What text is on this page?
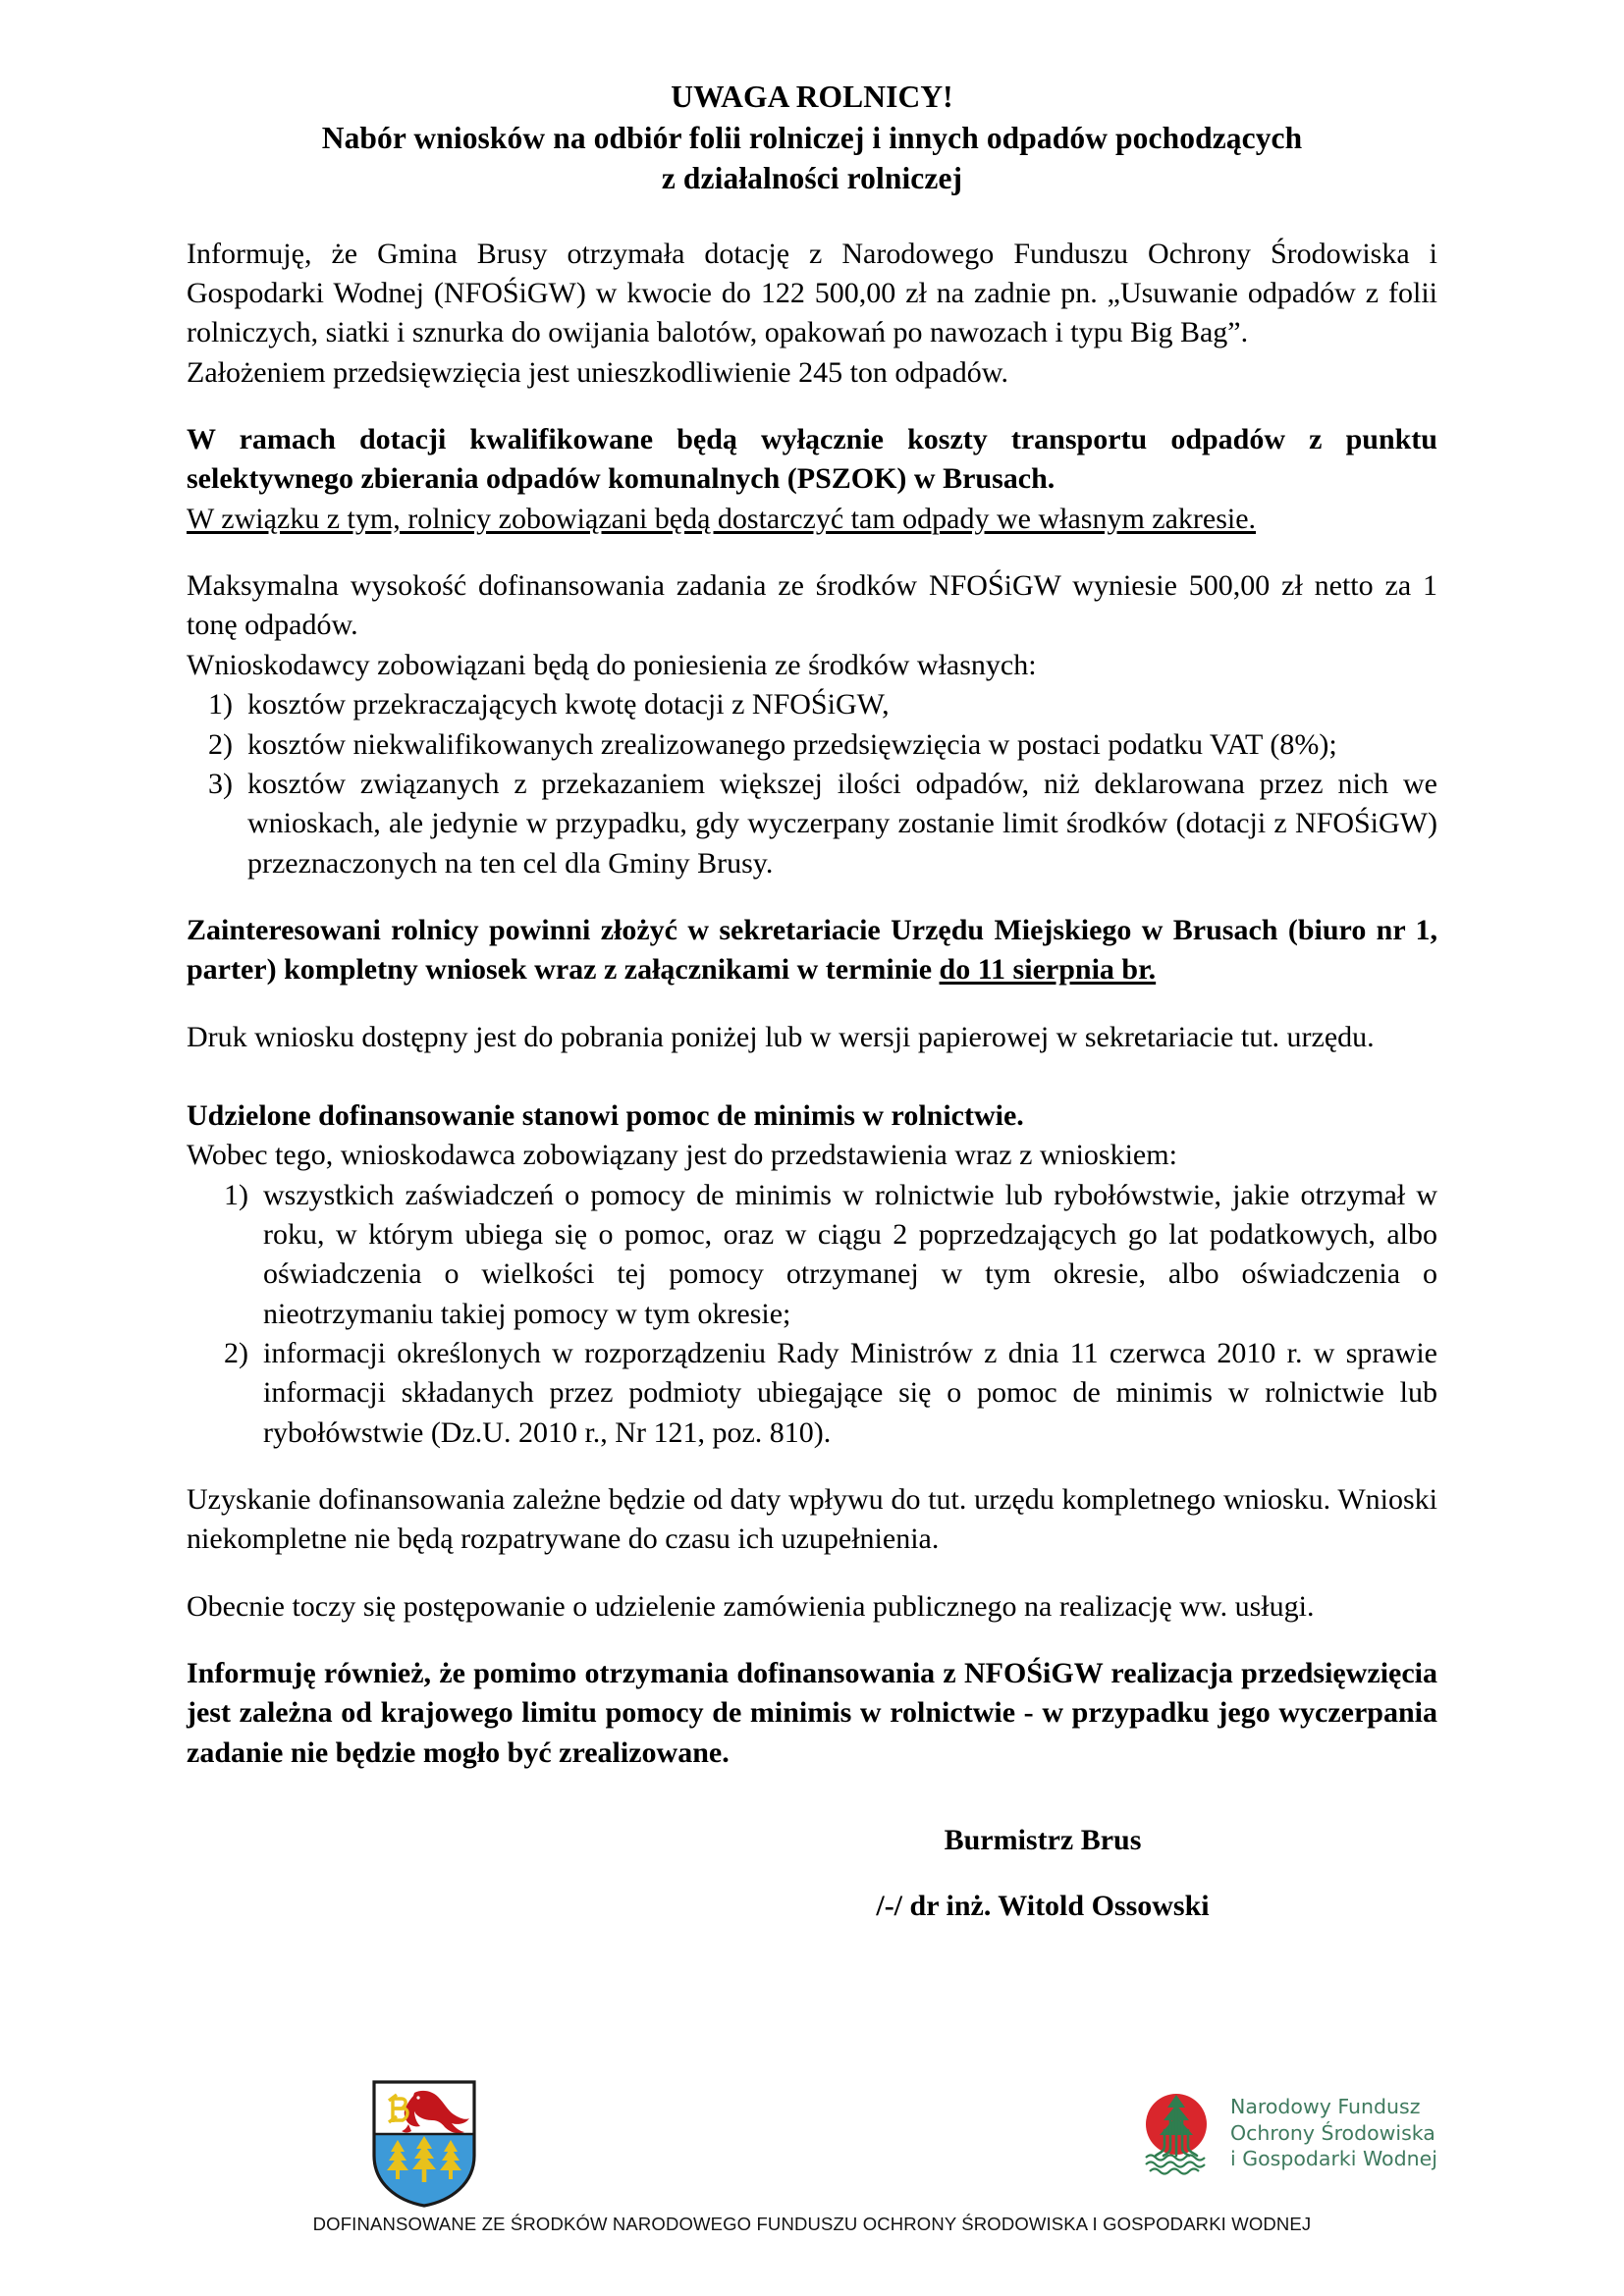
UWAGA ROLNICY!
Nabór wniosków na odbiór folii rolniczej i innych odpadów pochodzących
z działalności rolniczej

Informuję, że Gmina Brusy otrzymała dotację z Narodowego Funduszu Ochrony Środowiska i Gospodarki Wodnej (NFOŚiGW) w kwocie do 122 500,00 zł na zadnie pn. „Usuwanie odpadów z folii rolniczych, siatki i sznurka do owijania balotów, opakowań po nawozach i typu Big Bag”.

Założeniem przedsięwzięcia jest unieszkodliwienie 245 ton odpadów.

W ramach dotacji kwalifikowane będą wyłącznie koszty transportu odpadów z punktu selektywnego zbierania odpadów komunalnych (PSZOK) w Brusach.

W związku z tym, rolnicy zobowiązani będą dostarczyć tam odpady we własnym zakresie.

Maksymalna wysokość dofinansowania zadania ze środków NFOŚiGW wyniesie 500,00 zł netto za 1 tonę odpadów.

Wnioskodawcy zobowiązani będą do poniesienia ze środków własnych:

1) kosztów przekraczających kwotę dotacji z NFOŚiGW,
2) kosztów niekwalifikowanych zrealizowanego przedsięwzięcia w postaci podatku VAT (8%);
3) kosztów związanych z przekazaniem większej ilości odpadów, niż deklarowana przez nich we wnioskach, ale jedynie w przypadku, gdy wyczerpany zostanie limit środków (dotacji z NFOŚiGW) przeznaczonych na ten cel dla Gminy Brusy.

Zainteresowani rolnicy powinni złożyć w sekretariacie Urzędu Miejskiego w Brusach (biuro nr 1, parter) kompletny wniosek wraz z załącznikami w terminie do 11 sierpnia br.

Druk wniosku dostępny jest do pobrania poniżej lub w wersji papierowej w sekretariacie tut. urzędu.

Udzielone dofinansowanie stanowi pomoc de minimis w rolnictwie.

Wobec tego, wnioskodawca zobowiązany jest do przedstawienia wraz z wnioskiem:

1) wszystkich zaświadczeń o pomocy de minimis w rolnictwie lub rybołówstwie, jakie otrzymał w roku, w którym ubiega się o pomoc, oraz w ciągu 2 poprzedzających go lat podatkowych, albo oświadczenia o wielkości tej pomocy otrzymanej w tym okresie, albo oświadczenia o nieotrzymaniu takiej pomocy w tym okresie;
2) informacji określonych w rozporządzeniu Rady Ministrów z dnia 11 czerwca 2010 r. w sprawie informacji składanych przez podmioty ubiegające się o pomoc de minimis w rolnictwie lub rybołówstwie (Dz.U. 2010 r., Nr 121, poz. 810).

Uzyskanie dofinansowania zależne będzie od daty wpływu do tut. urzędu kompletnego wniosku. Wnioski niekompletne nie będą rozpatrywane do czasu ich uzupełnienia.

Obecnie toczy się postępowanie o udzielenie zamówienia publicznego na realizację ww. usługi.

Informuję również, że pomimo otrzymania dofinansowania z NFOŚiGW realizacja przedsięwzięcia jest zależna od krajowego limitu pomocy de minimis w rolnictwie - w przypadku jego wyczerpania zadanie nie będzie mogło być zrealizowane.

Burmistrz Brus
/-/ dr inż. Witold Ossowski
Narodowy Fundusz
Ochrony Środowiska
i Gospodarki Wodnej
DOFINANSOWANE ZE ŚRODKÓW NARODOWEGO FUNDUSZU OCHRONY ŚRODOWISKA I GOSPODARKI WODNEJ
